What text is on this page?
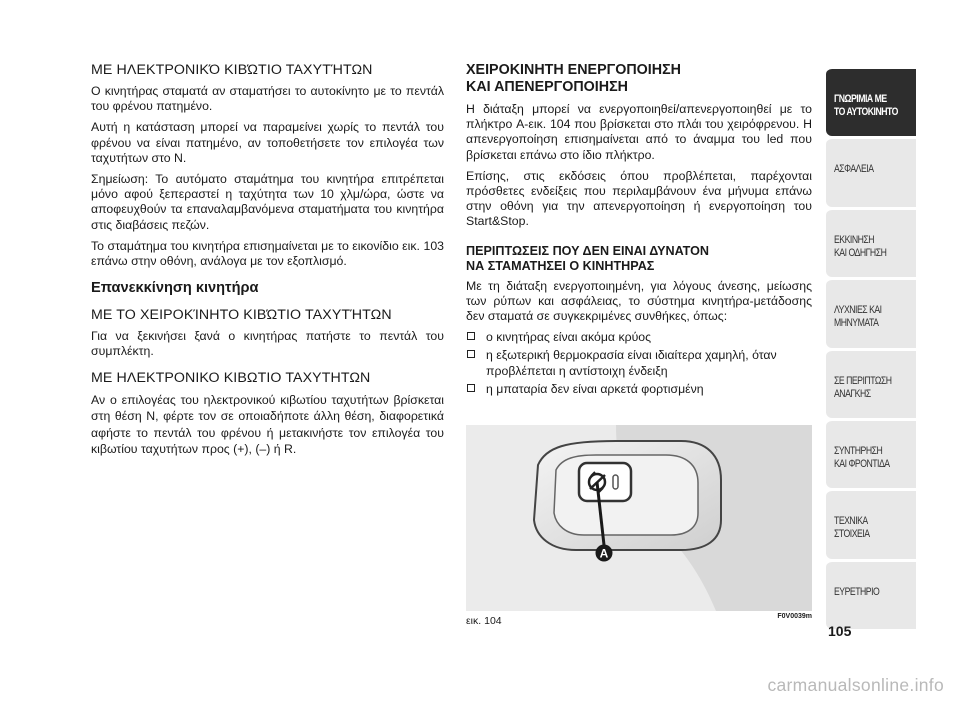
ΜΕ ΗΛΕΚΤΡΟΝΙΚΌ ΚΙΒΏΤΙΟ ΤΑΧΥΤΉΤΩΝ

Ο κινητήρας σταματά αν σταματήσει το αυτοκίνητο με το πεντάλ του φρένου πατημένο.

Αυτή η κατάσταση μπορεί να παραμείνει χωρίς το πεντάλ του φρένου να είναι πατημένο, αν τοποθετήσετε τον επιλογέα των ταχυτήτων στο N.

Σημείωση: Το αυτόματο σταμάτημα του κινητήρα επιτρέπεται μόνο αφού ξεπεραστεί η ταχύτητα των 10 χλμ/ώρα, ώστε να αποφευχθούν τα επαναλαμβανόμενα σταματήματα του κινητήρα στις διαβάσεις πεζών.

Το σταμάτημα του κινητήρα επισημαίνεται με το εικονίδιο εικ. 103 επάνω στην οθόνη, ανάλογα με τον εξοπλισμό.

Επανεκκίνηση κινητήρα
ΜΕ ΤΟ ΧΕΙΡΟΚΊΝΗΤΟ ΚΙΒΏΤΙΟ ΤΑΧΥΤΉΤΩΝ

Για να ξεκινήσει ξανά ο κινητήρας πατήστε το πεντάλ του συμπλέκτη.

ΜΕ ΗΛΕΚΤΡΟΝΙΚΟ ΚΙΒΩΤΙΟ ΤΑΧΥΤΗΤΩΝ

Αν ο επιλογέας του ηλεκτρονικού κιβωτίου ταχυτήτων βρίσκεται στη θέση N, φέρτε τον σε οποιαδήποτε άλλη θέση, διαφορετικά αφήστε το πεντάλ του φρένου ή μετακινήστε τον επιλογέα του κιβωτίου ταχυτήτων προς (+), (–) ή R.

ΧΕΙΡΟΚΙΝΗΤΗ ΕΝΕΡΓΟΠΟΙΗΣΗ
ΚΑΙ ΑΠΕΝΕΡΓΟΠΟΙΗΣΗ

Η διάταξη μπορεί να ενεργοποιηθεί/απενεργοποιηθεί με το πλήκτρο A-εικ. 104 που βρίσκεται στο πλάι του χειρόφρενου. Η απενεργοποίηση επισημαίνεται από το άναμμα του led που βρίσκεται επάνω στο ίδιο πλήκτρο.

Επίσης, στις εκδόσεις όπου προβλέπεται, παρέχονται πρόσθετες ενδείξεις που περιλαμβάνουν ένα μήνυμα επάνω στην οθόνη για την απενεργοποίηση ή ενεργοποίηση του Start&Stop.

ΠΕΡΙΠΤΩΣΕΙΣ ΠΟΥ ΔΕΝ ΕΙΝΑΙ ΔΥΝΑΤΟΝ
ΝΑ ΣΤΑΜΑΤΗΣΕΙ Ο ΚΙΝΗΤΗΡΑΣ

Με τη διάταξη ενεργοποιημένη, για λόγους άνεσης, μείωσης των ρύπων και ασφάλειας, το σύστημα κινητήρα-μετάδοσης δεν σταματά σε συγκεκριμένες συνθήκες, όπως:

ο κινητήρας είναι ακόμα κρύος
η εξωτερική θερμοκρασία είναι ιδιαίτερα χαμηλή, όταν προβλέπεται η αντίστοιχη ένδειξη
η μπαταρία δεν είναι αρκετά φορτισμένη
A
εικ. 104	F0V0039m
ΓΝΩΡΙΜΙΑ ΜΕ
ΤΟ ΑΥΤΟΚΙΝΗΤΟ
ΑΣΦΑΛΕΙΑ
ΕΚΚΙΝΗΣΗ
ΚΑΙ ΟΔΗΓΗΣΗ
ΛΥΧΝΙΕΣ ΚΑΙ
ΜΗΝΥΜΑΤΑ
ΣΕ ΠΕΡΙΠΤΩΣΗ
ΑΝΑΓΚΗΣ
ΣΥΝΤΗΡΗΣΗ
ΚΑΙ ΦΡΟΝΤΙΔΑ
ΤΕΧΝΙΚΑ
ΣΤΟΙΧΕΙΑ
ΕΥΡΕΤΗΡΙΟ
105
carmanualsonline.info
